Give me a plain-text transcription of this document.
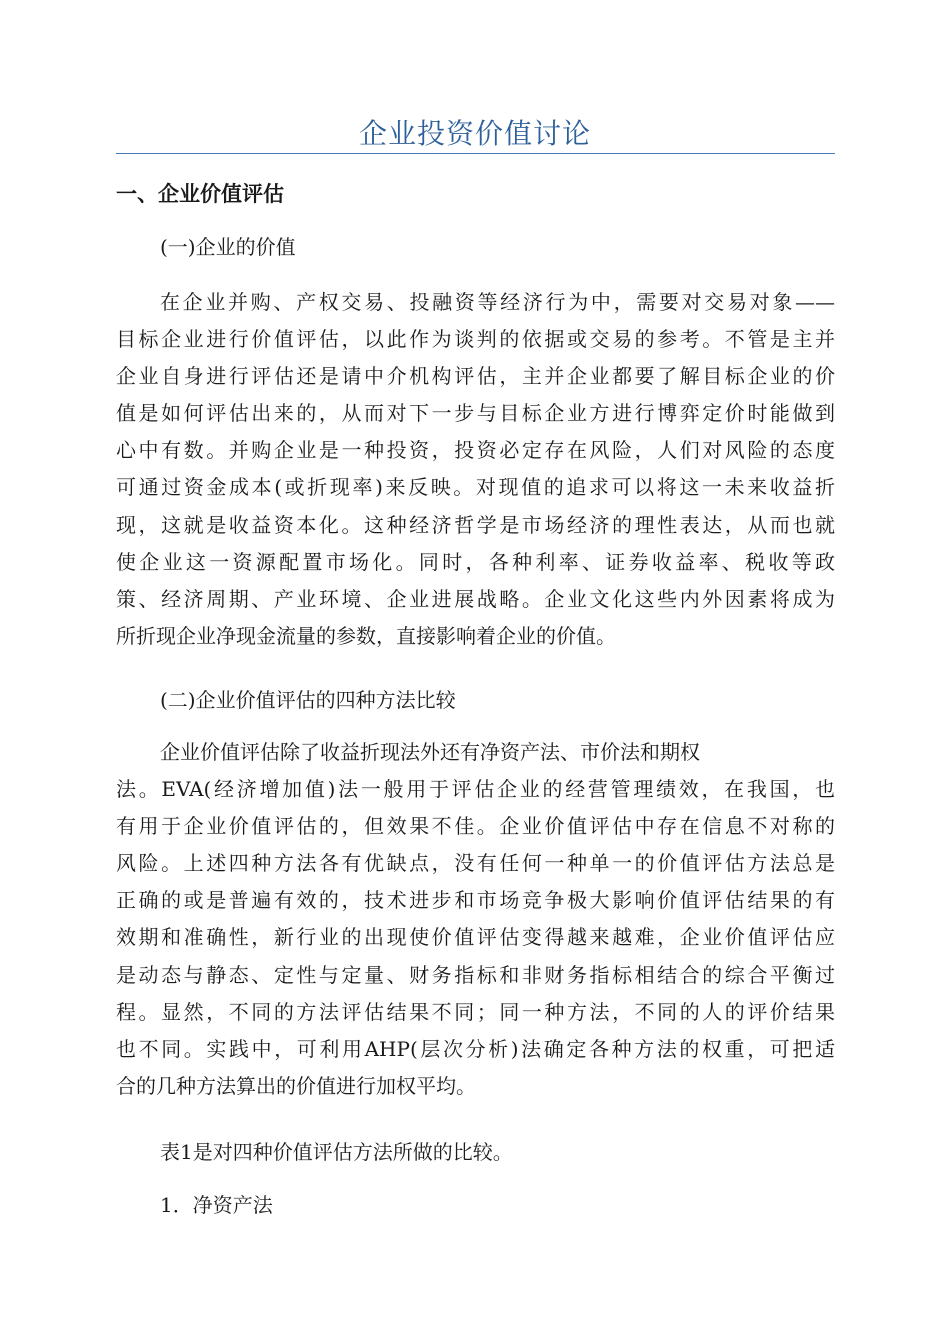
企业投资价值讨论
一、企业价值评估
(一)企业的价值
在企业并购、产权交易、投融资等经济行为中，需要对交易对象——
目标企业进行价值评估，以此作为谈判的依据或交易的参考。不管是主并
企业自身进行评估还是请中介机构评估，主并企业都要了解目标企业的价
值是如何评估出来的，从而对下一步与目标企业方进行博弈定价时能做到
心中有数。并购企业是一种投资，投资必定存在风险，人们对风险的态度
可通过资金成本(或折现率)来反映。对现值的追求可以将这一未来收益折
现，这就是收益资本化。这种经济哲学是市场经济的理性表达，从而也就
使企业这一资源配置市场化。同时，各种利率、证券收益率、税收等政
策、经济周期、产业环境、企业进展战略。企业文化这些内外因素将成为
所折现企业净现金流量的参数，直接影响着企业的价值。
(二)企业价值评估的四种方法比较
企业价值评估除了收益折现法外还有净资产法、市价法和期权
法。EVA(经济增加值)法一般用于评估企业的经营管理绩效，在我国，也
有用于企业价值评估的，但效果不佳。企业价值评估中存在信息不对称的
风险。上述四种方法各有优缺点，没有任何一种单一的价值评估方法总是
正确的或是普遍有效的，技术进步和市场竞争极大影响价值评估结果的有
效期和准确性，新行业的出现使价值评估变得越来越难，企业价值评估应
是动态与静态、定性与定量、财务指标和非财务指标相结合的综合平衡过
程。显然，不同的方法评估结果不同；同一种方法，不同的人的评价结果
也不同。实践中，可利用AHP(层次分析)法确定各种方法的权重，可把适
合的几种方法算出的价值进行加权平均。
表1是对四种价值评估方法所做的比较。
1．净资产法
